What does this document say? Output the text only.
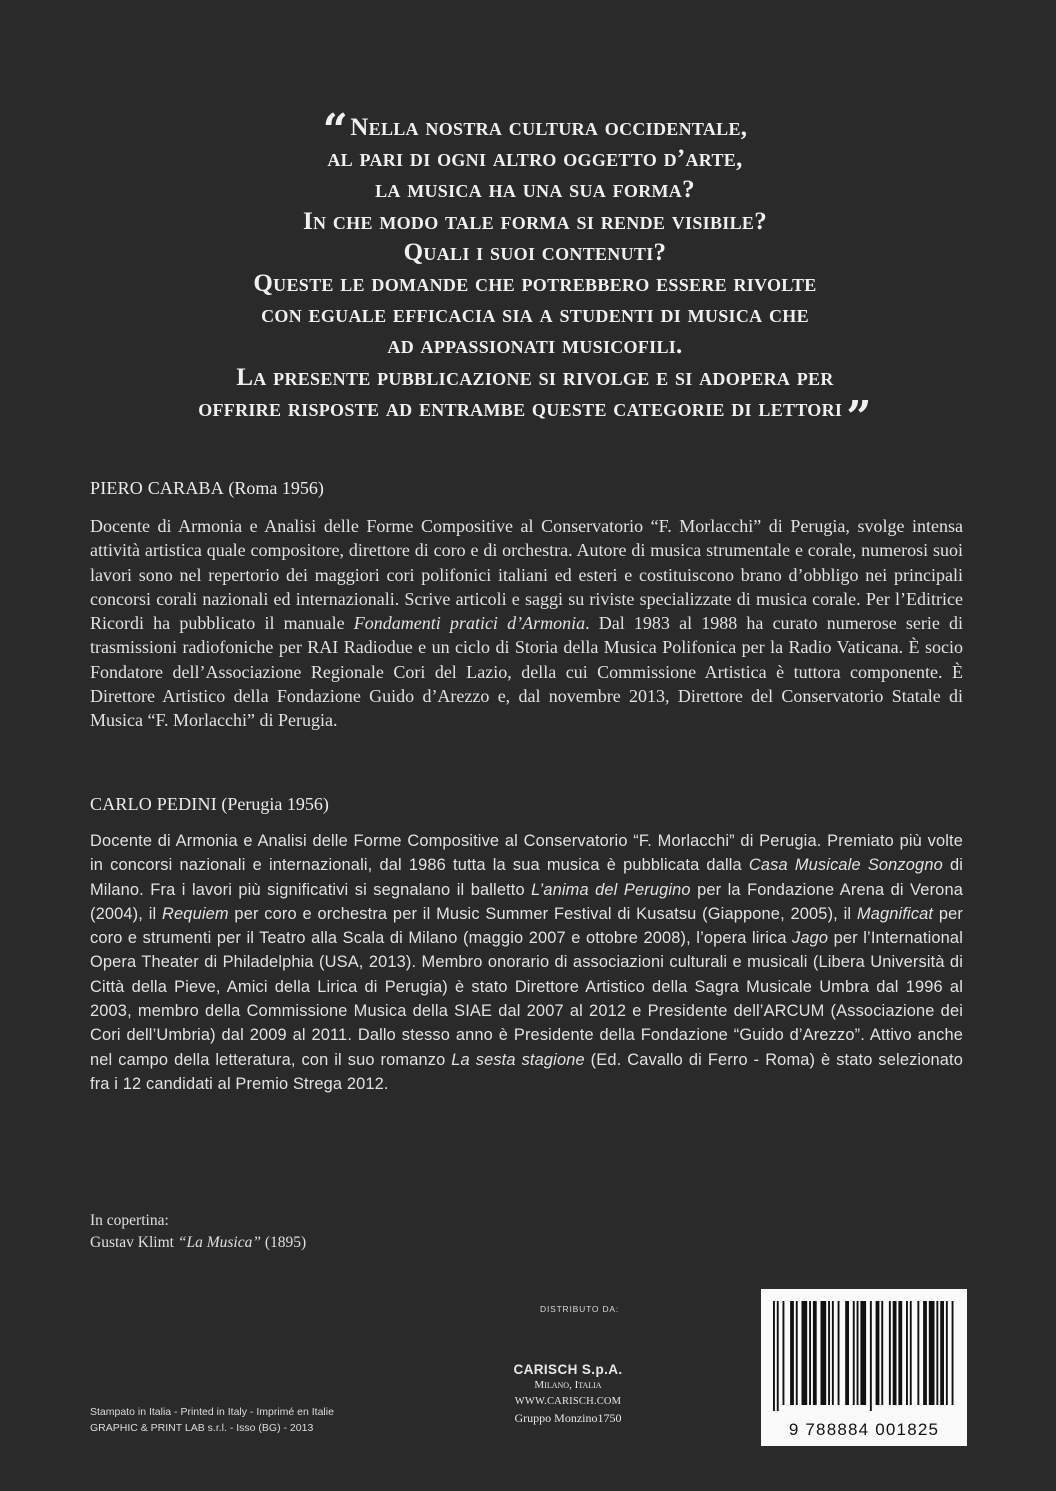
“Nella nostra cultura occidentale,
al pari di ogni altro oggetto d’arte,
la musica ha una sua forma?
In che modo tale forma si rende visibile?
Quali i suoi contenuti?
Queste le domande che potrebbero essere rivolte
con eguale efficacia sia a studenti di musica che
ad appassionati musicofili.
La presente pubblicazione si rivolge e si adopera per
offrire risposte ad entrambe queste categorie di lettori”
PIERO CARABA (Roma 1956)

Docente di Armonia e Analisi delle Forme Compositive al Conservatorio “F. Morlacchi” di Perugia, svolge intensa attività artistica quale compositore, direttore di coro e di orchestra. Autore di musica strumentale e corale, numerosi suoi lavori sono nel repertorio dei maggiori cori polifonici italiani ed esteri e costituiscono brano d’obbligo nei principali concorsi corali nazionali ed internazionali. Scrive articoli e saggi su riviste specializzate di musica corale. Per l’Editrice Ricordi ha pubblicato il manuale Fondamenti pratici d’Armonia. Dal 1983 al 1988 ha curato numerose serie di trasmissioni radiofoniche per RAI Radiodue e un ciclo di Storia della Musica Polifonica per la Radio Vaticana. È socio Fondatore dell’Associazione Regionale Cori del Lazio, della cui Commissione Artistica è tuttora componente. È Direttore Artistico della Fondazione Guido d’Arezzo e, dal novembre 2013, Direttore del Conservatorio Statale di Musica “F. Morlacchi” di Perugia.

CARLO PEDINI (Perugia 1956)

Docente di Armonia e Analisi delle Forme Compositive al Conservatorio “F. Morlacchi” di Perugia. Premiato più volte in concorsi nazionali e internazionali, dal 1986 tutta la sua musica è pubblicata dalla Casa Musicale Sonzogno di Milano. Fra i lavori più significativi si segnalano il balletto L’anima del Perugino per la Fondazione Arena di Verona (2004), il Requiem per coro e orchestra per il Music Summer Festival di Kusatsu (Giappone, 2005), il Magnificat per coro e strumenti per il Teatro alla Scala di Milano (maggio 2007 e ottobre 2008), l’opera lirica Jago per l’International Opera Theater di Philadelphia (USA, 2013). Membro onorario di associazioni culturali e musicali (Libera Università di Città della Pieve, Amici della Lirica di Perugia) è stato Direttore Artistico della Sagra Musicale Umbra dal 1996 al 2003, membro della Commissione Musica della SIAE dal 2007 al 2012 e Presidente dell’ARCUM (Associazione dei Cori dell’Umbria) dal 2009 al 2011. Dallo stesso anno è Presidente della Fondazione “Guido d’Arezzo”. Attivo anche nel campo della letteratura, con il suo romanzo La sesta stagione (Ed. Cavallo di Ferro - Roma) è stato selezionato fra i 12 candidati al Premio Strega 2012.

In copertina:
Gustav Klimt “La Musica” (1895)
DISTRIBUTO DA:
CARISCH S.p.A.
Milano, Italia
WWW.CARISCH.COM
Gruppo Monzino1750
Stampato in Italia - Printed in Italy - Imprimé en Italie
GRAPHIC & PRINT LAB s.r.l. - Isso (BG) - 2013	9 788884 001825
